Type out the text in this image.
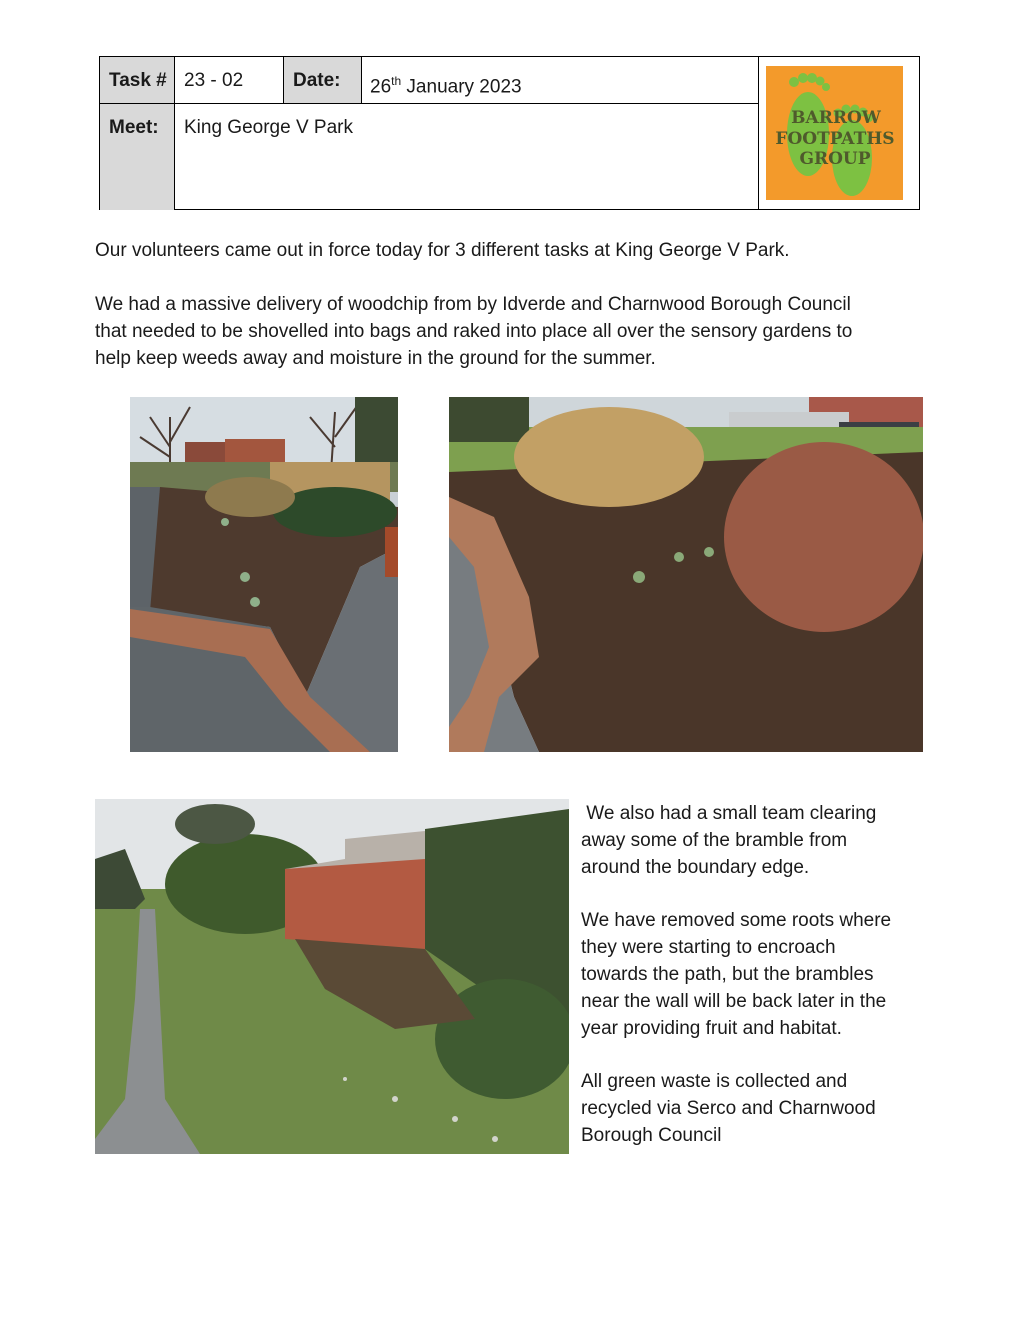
Task # 23 - 02	Date:	26th January 2023
Meet:	King George V Park	BARROW
FOOTPATHS
GROUP

Our volunteers came out in force today for 3 different tasks at King George V Park.

We had a massive delivery of woodchip from by Idverde and Charnwood Borough Council
that needed to be shovelled into bags and raked into place all over the sensory gardens to
help keep weeds away and moisture in the ground for the summer.
We also had a small team clearing
away some of the bramble from
around the boundary edge.
We have removed some roots where
they were starting to encroach
towards the path, but the brambles
near the wall will be back later in the
year providing fruit and habitat.
All green waste is collected and
recycled via Serco and Charnwood
Borough Council
